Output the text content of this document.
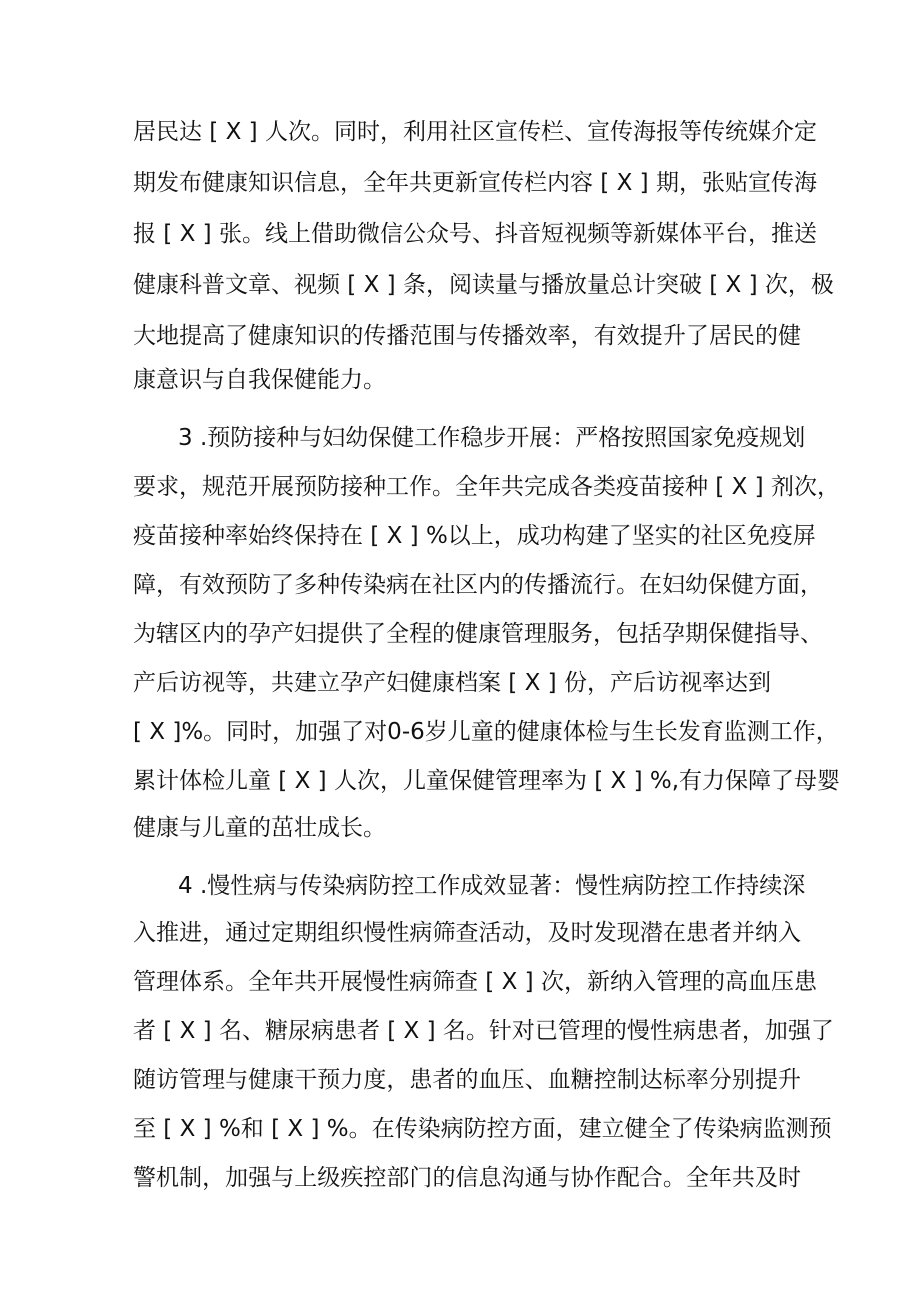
居民达 [ X ] 人次。同时，利用社区宣传栏、宣传海报等传统媒介定
期发布健康知识信息，全年共更新宣传栏内容 [ X ] 期，张贴宣传海
报 [ X ] 张。线上借助微信公众号、抖音短视频等新媒体平台，推送
健康科普文章、视频 [ X ] 条，阅读量与播放量总计突破 [ X ] 次，极
大地提高了健康知识的传播范围与传播效率，有效提升了居民的健
康意识与自我保健能力。
3 .预防接种与妇幼保健工作稳步开展：严格按照国家免疫规划
要求，规范开展预防接种工作。全年共完成各类疫苗接种 [ X ] 剂次，
疫苗接种率始终保持在 [ X ] %以上，成功构建了坚实的社区免疫屏
障，有效预防了多种传染病在社区内的传播流行。在妇幼保健方面，
为辖区内的孕产妇提供了全程的健康管理服务，包括孕期保健指导、
产后访视等，共建立孕产妇健康档案 [ X ] 份，产后访视率达到
[ X ]%。同时，加强了对0-6岁儿童的健康体检与生长发育监测工作，
累计体检儿童 [ X ] 人次，儿童保健管理率为 [ X ] %,有力保障了母婴
健康与儿童的茁壮成长。
4 .慢性病与传染病防控工作成效显著：慢性病防控工作持续深
入推进，通过定期组织慢性病筛查活动，及时发现潜在患者并纳入
管理体系。全年共开展慢性病筛查 [ X ] 次，新纳入管理的高血压患
者 [ X ] 名、糖尿病患者 [ X ] 名。针对已管理的慢性病患者，加强了
随访管理与健康干预力度，患者的血压、血糖控制达标率分别提升
至 [ X ] %和 [ X ] %。在传染病防控方面，建立健全了传染病监测预
警机制，加强与上级疾控部门的信息沟通与协作配合。全年共及时
